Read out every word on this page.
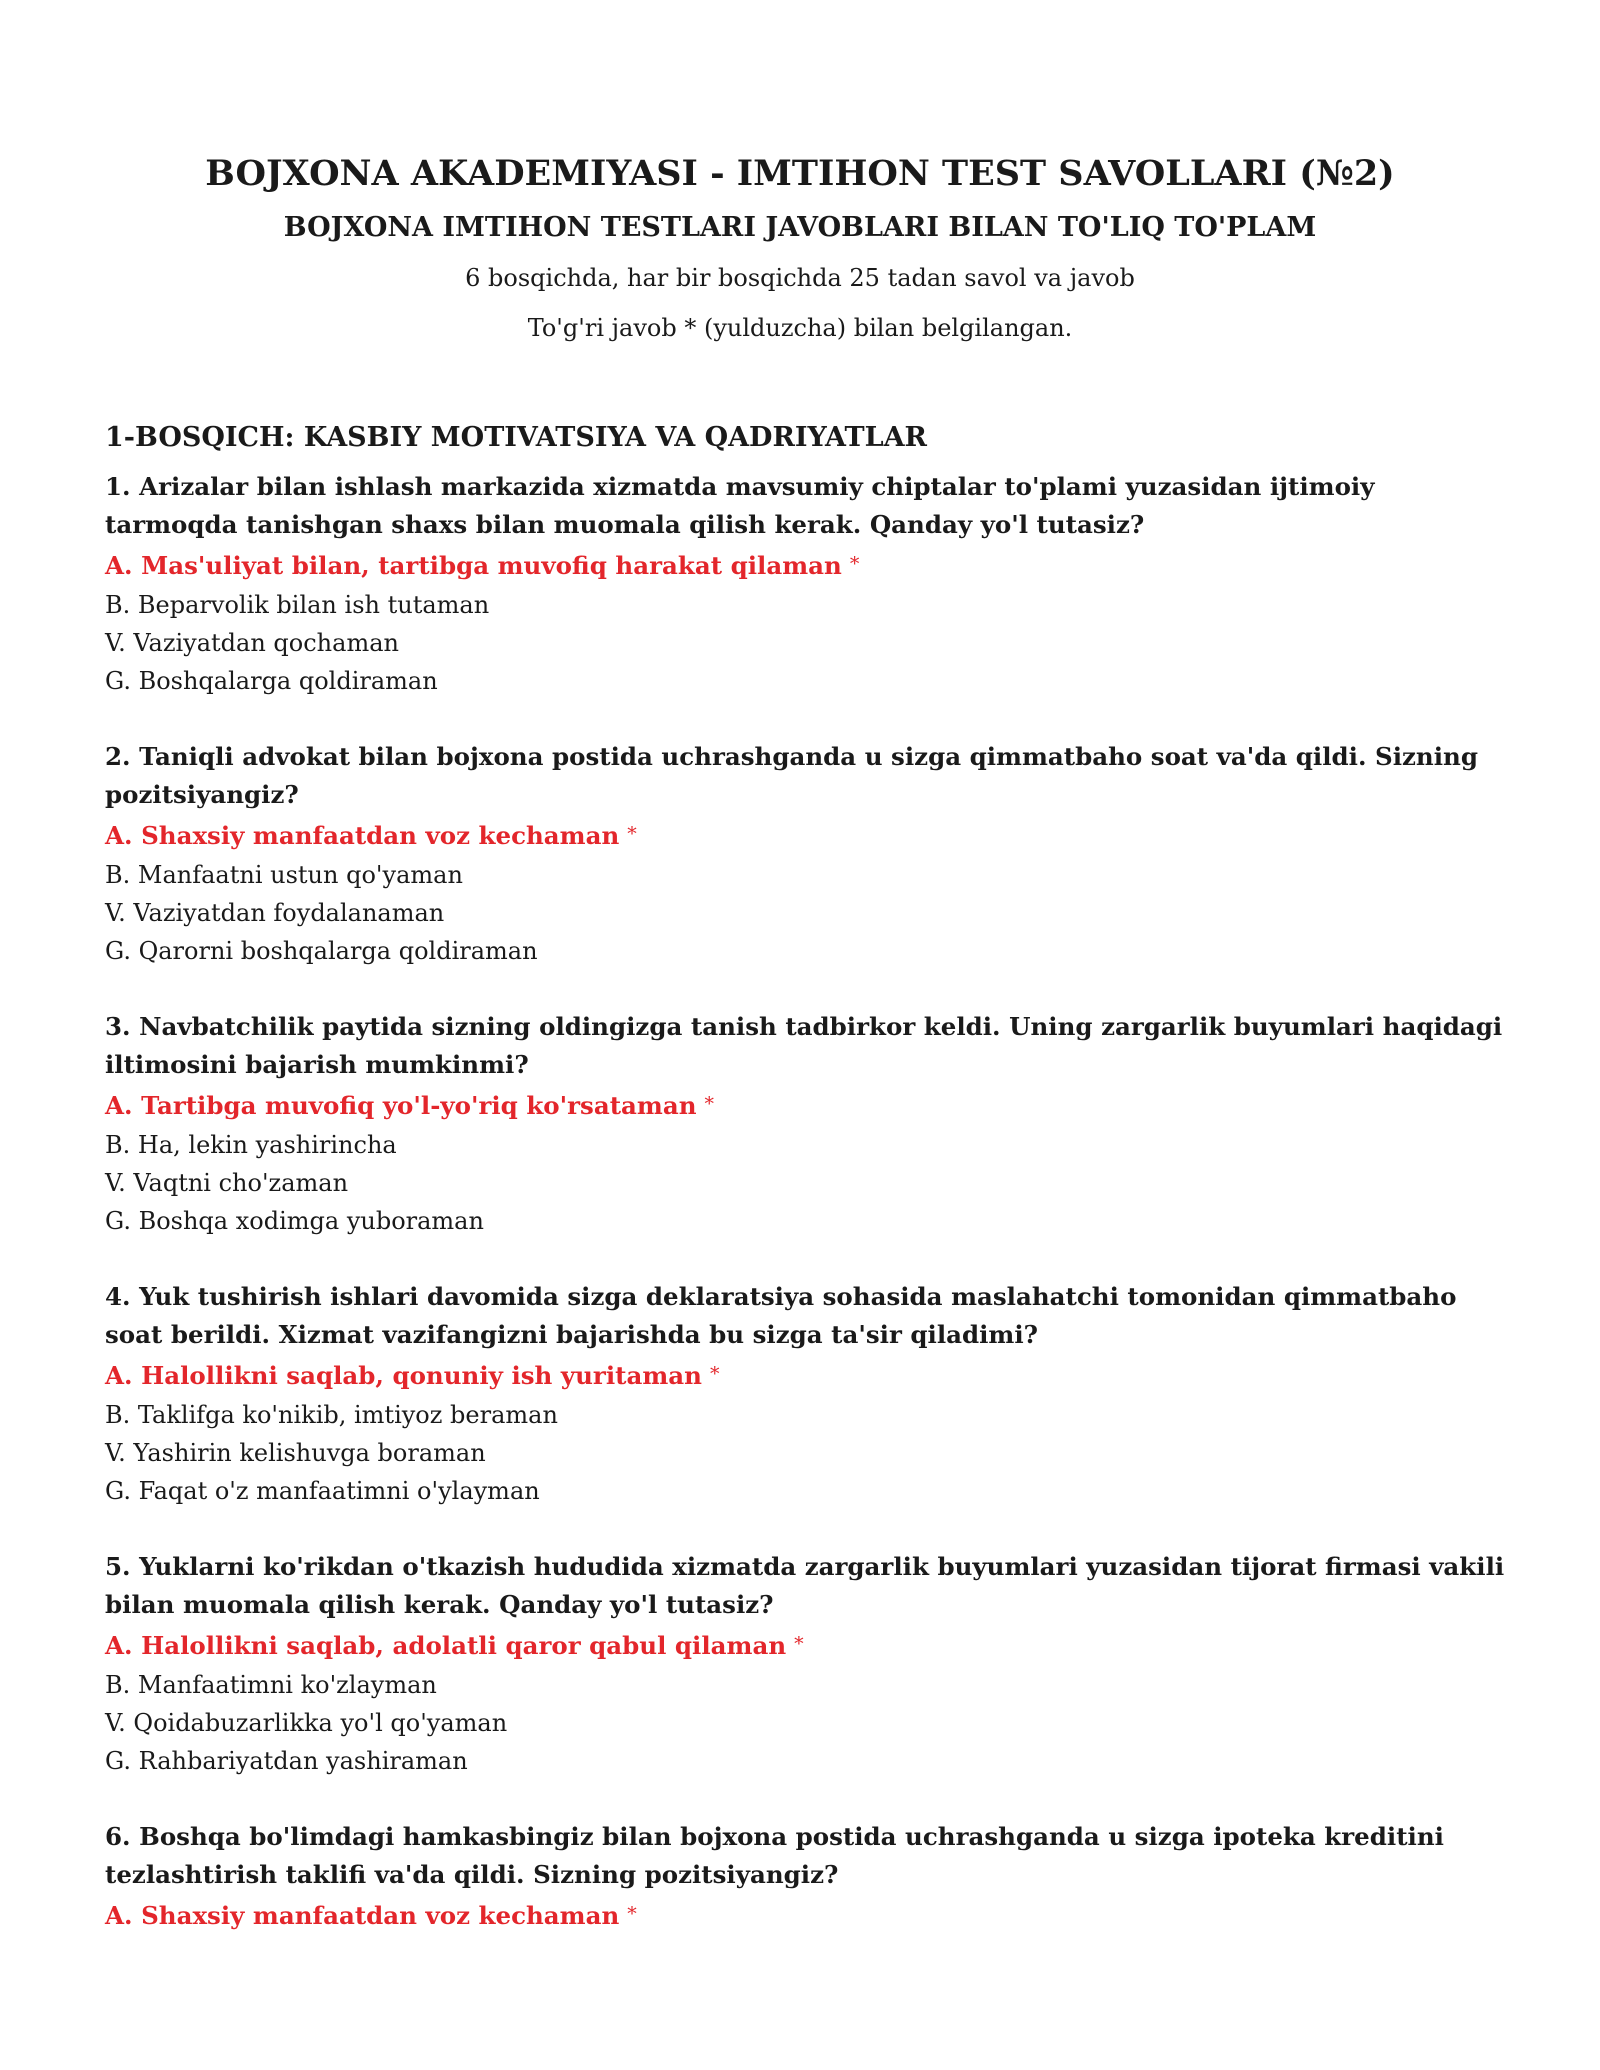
BOJXONA AKADEMIYASI - IMTIHON TEST SAVOLLARI (№2)
BOJXONA IMTIHON TESTLARI JAVOBLARI BILAN TO'LIQ TO'PLAM

6 bosqichda, har bir bosqichda 25 tadan savol va javob

To'g'ri javob * (yulduzcha) bilan belgilangan.

1-BOSQICH: KASBIY MOTIVATSIYA VA QADRIYATLAR

1. Arizalar bilan ishlash markazida xizmatda mavsumiy chiptalar to'plami yuzasidan ijtimoiy tarmoqda tanishgan shaxs bilan muomala qilish kerak. Qanday yo'l tutasiz?

A. Mas'uliyat bilan, tartibga muvofiq harakat qilaman *

B. Beparvolik bilan ish tutaman

V. Vaziyatdan qochaman

G. Boshqalarga qoldiraman

2. Taniqli advokat bilan bojxona postida uchrashganda u sizga qimmatbaho soat va'da qildi. Sizning pozitsiyangiz?

A. Shaxsiy manfaatdan voz kechaman *

B. Manfaatni ustun qo'yaman

V. Vaziyatdan foydalanaman

G. Qarorni boshqalarga qoldiraman

3. Navbatchilik paytida sizning oldingizga tanish tadbirkor keldi. Uning zargarlik buyumlari haqidagi iltimosini bajarish mumkinmi?

A. Tartibga muvofiq yo'l-yo'riq ko'rsataman *

B. Ha, lekin yashirincha

V. Vaqtni cho'zaman

G. Boshqa xodimga yuboraman

4. Yuk tushirish ishlari davomida sizga deklaratsiya sohasida maslahatchi tomonidan qimmatbaho soat berildi. Xizmat vazifangizni bajarishda bu sizga ta'sir qiladimi?

A. Halollikni saqlab, qonuniy ish yuritaman *

B. Taklifga ko'nikib, imtiyoz beraman

V. Yashirin kelishuvga boraman

G. Faqat o'z manfaatimni o'ylayman

5. Yuklarni ko'rikdan o'tkazish hududida xizmatda zargarlik buyumlari yuzasidan tijorat firmasi vakili bilan muomala qilish kerak. Qanday yo'l tutasiz?

A. Halollikni saqlab, adolatli qaror qabul qilaman *

B. Manfaatimni ko'zlayman

V. Qoidabuzarlikka yo'l qo'yaman

G. Rahbariyatdan yashiraman

6. Boshqa bo'limdagi hamkasbingiz bilan bojxona postida uchrashganda u sizga ipoteka kreditini tezlashtirish taklifi va'da qildi. Sizning pozitsiyangiz?

A. Shaxsiy manfaatdan voz kechaman *
